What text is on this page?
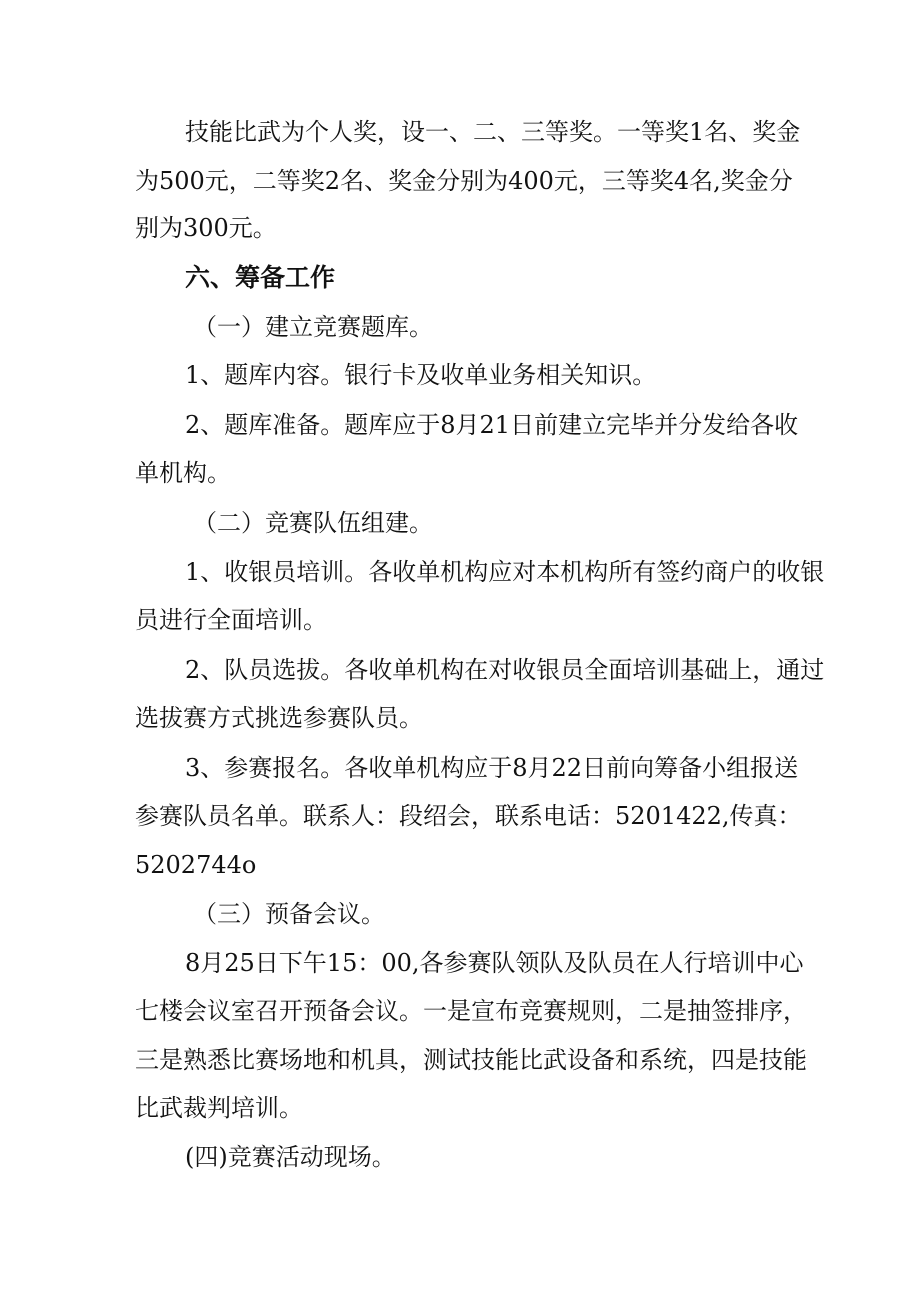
技能比武为个人奖，设一、二、三等奖。一等奖1名、奖金
为500元，二等奖2名、奖金分别为400元，三等奖4名,奖金分
别为300元。
六、筹备工作
（一）建立竞赛题库。
1、题库内容。银行卡及收单业务相关知识。
2、题库准备。题库应于8月21日前建立完毕并分发给各收
单机构。
（二）竞赛队伍组建。
1、收银员培训。各收单机构应对本机构所有签约商户的收银
员进行全面培训。
2、队员选拔。各收单机构在对收银员全面培训基础上，通过
选拔赛方式挑选参赛队员。
3、参赛报名。各收单机构应于8月22日前向筹备小组报送
参赛队员名单。联系人：段绍会，联系电话：5201422,传真：
5202744o
（三）预备会议。
8月25日下午15：00,各参赛队领队及队员在人行培训中心
七楼会议室召开预备会议。一是宣布竞赛规则，二是抽签排序，
三是熟悉比赛场地和机具，测试技能比武设备和系统，四是技能
比武裁判培训。
(四)竞赛活动现场。
